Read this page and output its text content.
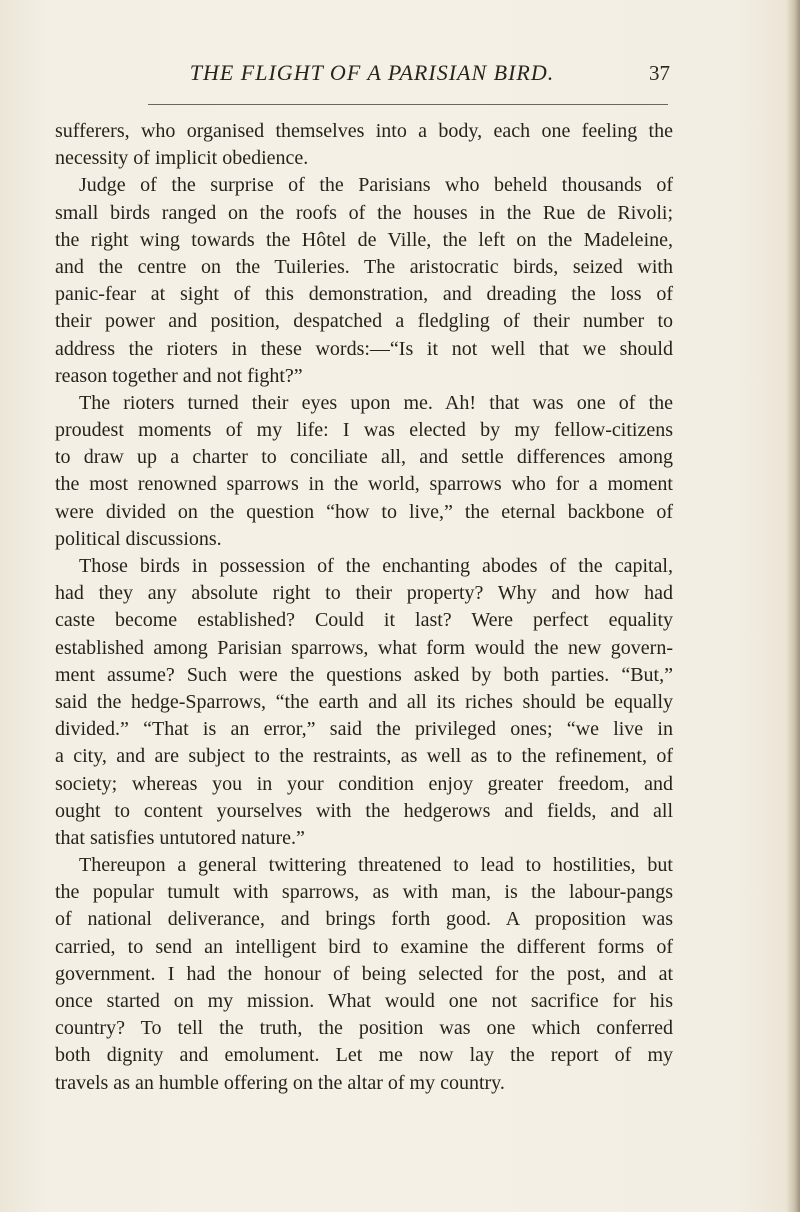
THE FLIGHT OF A PARISIAN BIRD.	37
sufferers, who organised themselves into a body, each one feeling the
necessity of implicit obedience.
Judge of the surprise of the Parisians who beheld thousands of
small birds ranged on the roofs of the houses in the Rue de Rivoli;
the right wing towards the Hôtel de Ville, the left on the Madeleine,
and the centre on the Tuileries. The aristocratic birds, seized with
panic-fear at sight of this demonstration, and dreading the loss of
their power and position, despatched a fledgling of their number to
address the rioters in these words:—“Is it not well that we should
reason together and not fight?”
The rioters turned their eyes upon me. Ah! that was one of the
proudest moments of my life: I was elected by my fellow-citizens
to draw up a charter to conciliate all, and settle differences among
the most renowned sparrows in the world, sparrows who for a moment
were divided on the question “how to live,” the eternal backbone of
political discussions.
Those birds in possession of the enchanting abodes of the capital,
had they any absolute right to their property? Why and how had
caste become established? Could it last? Were perfect equality
established among Parisian sparrows, what form would the new govern-
ment assume? Such were the questions asked by both parties. “But,”
said the hedge-Sparrows, “the earth and all its riches should be equally
divided.” “That is an error,” said the privileged ones; “we live in
a city, and are subject to the restraints, as well as to the refinement, of
society; whereas you in your condition enjoy greater freedom, and
ought to content yourselves with the hedgerows and fields, and all
that satisfies untutored nature.”
Thereupon a general twittering threatened to lead to hostilities, but
the popular tumult with sparrows, as with man, is the labour-pangs
of national deliverance, and brings forth good. A proposition was
carried, to send an intelligent bird to examine the different forms of
government. I had the honour of being selected for the post, and at
once started on my mission. What would one not sacrifice for his
country? To tell the truth, the position was one which conferred
both dignity and emolument. Let me now lay the report of my
travels as an humble offering on the altar of my country.
